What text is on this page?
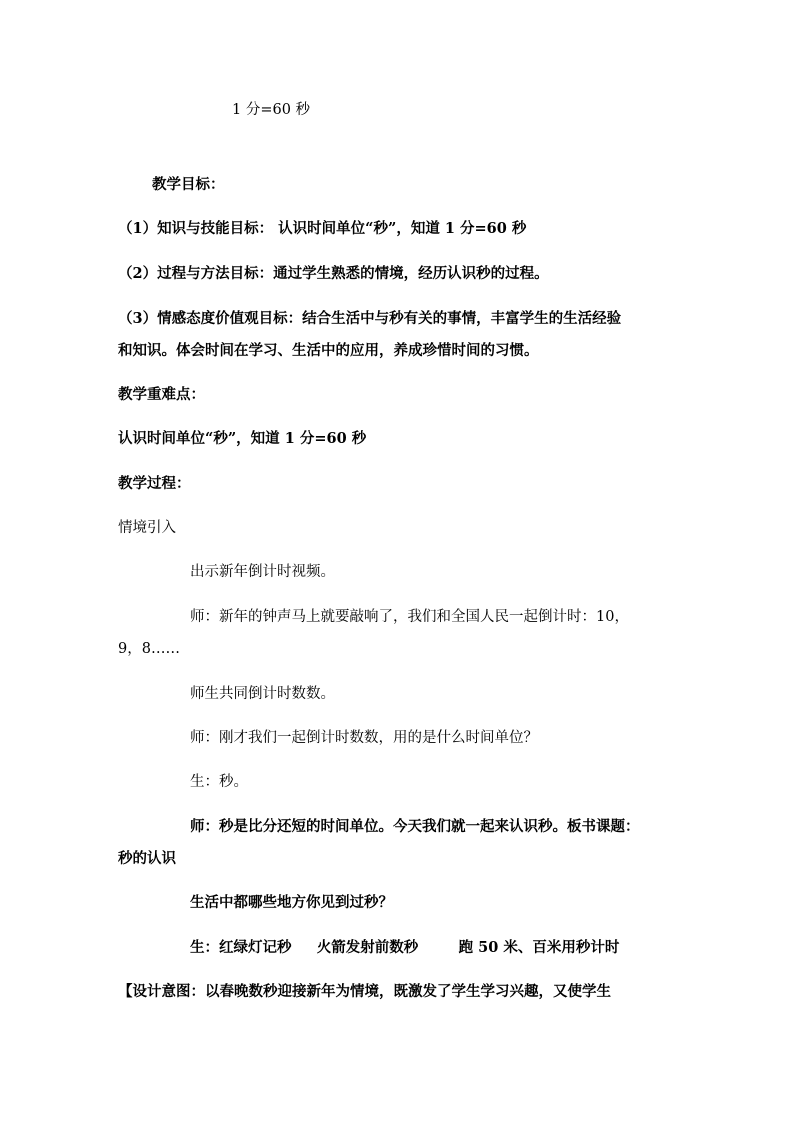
1 分=60 秒
教学目标：
（1）知识与技能目标： 认识时间单位“秒”，知道 1 分=60 秒
（2）过程与方法目标：通过学生熟悉的情境，经历认识秒的过程。
（3）情感态度价值观目标：结合生活中与秒有关的事情，丰富学生的生活经验
和知识。体会时间在学习、生活中的应用，养成珍惜时间的习惯。
教学重难点：
认识时间单位“秒”，知道 1 分=60 秒
教学过程：
情境引入
出示新年倒计时视频。
师：新年的钟声马上就要敲响了，我们和全国人民一起倒计时：10，
9，8……
师生共同倒计时数数。
师：刚才我们一起倒计时数数，用的是什么时间单位？
生：秒。
师：秒是比分还短的时间单位。今天我们就一起来认识秒。板书课题：
秒的认识
生活中都哪些地方你见到过秒？
生：红绿灯记秒     火箭发射前数秒        跑 50 米、百米用秒计时
【设计意图：以春晚数秒迎接新年为情境，既激发了学生学习兴趣，又使学生
